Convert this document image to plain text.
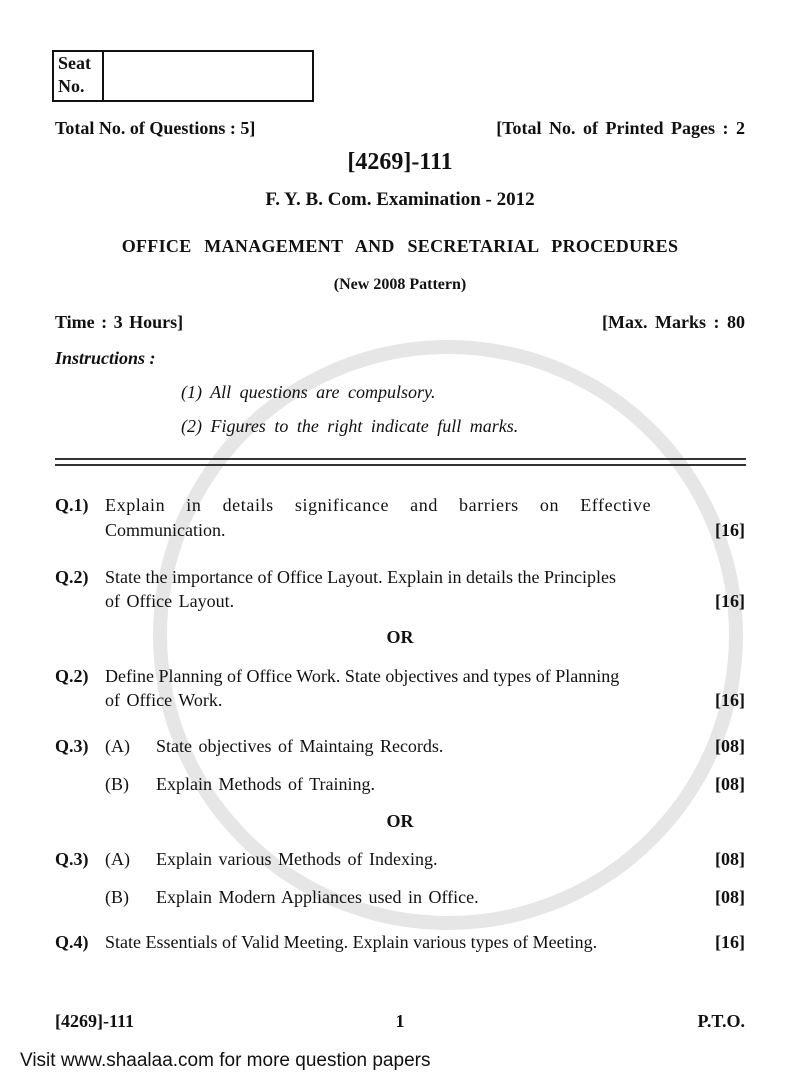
Seat
No.
Total No. of Questions : 5]	[Total No. of Printed Pages : 2
[4269]-111
F. Y. B. Com. Examination - 2012
OFFICE MANAGEMENT AND SECRETARIAL PROCEDURES
(New 2008 Pattern)
Time : 3 Hours]	[Max. Marks : 80
Instructions :
(1) All questions are compulsory.
(2) Figures to the right indicate full marks.
Q.1) Explain in details significance and barriers on Effective
Communication.	[16]
Q.2) State the importance of Office Layout. Explain in details the Principles
of Office Layout.	[16]
OR
Q.2) Define Planning of Office Work. State objectives and types of Planning
of Office Work.	[16]
Q.3) (A) State objectives of Maintaing Records.	[08]
(B) Explain Methods of Training.	[08]
OR
Q.3) (A) Explain various Methods of Indexing.	[08]
(B) Explain Modern Appliances used in Office.	[08]
Q.4) State Essentials of Valid Meeting. Explain various types of Meeting.	[16]
[4269]-111	1	P.T.O.
Visit www.shaalaa.com for more question papers
